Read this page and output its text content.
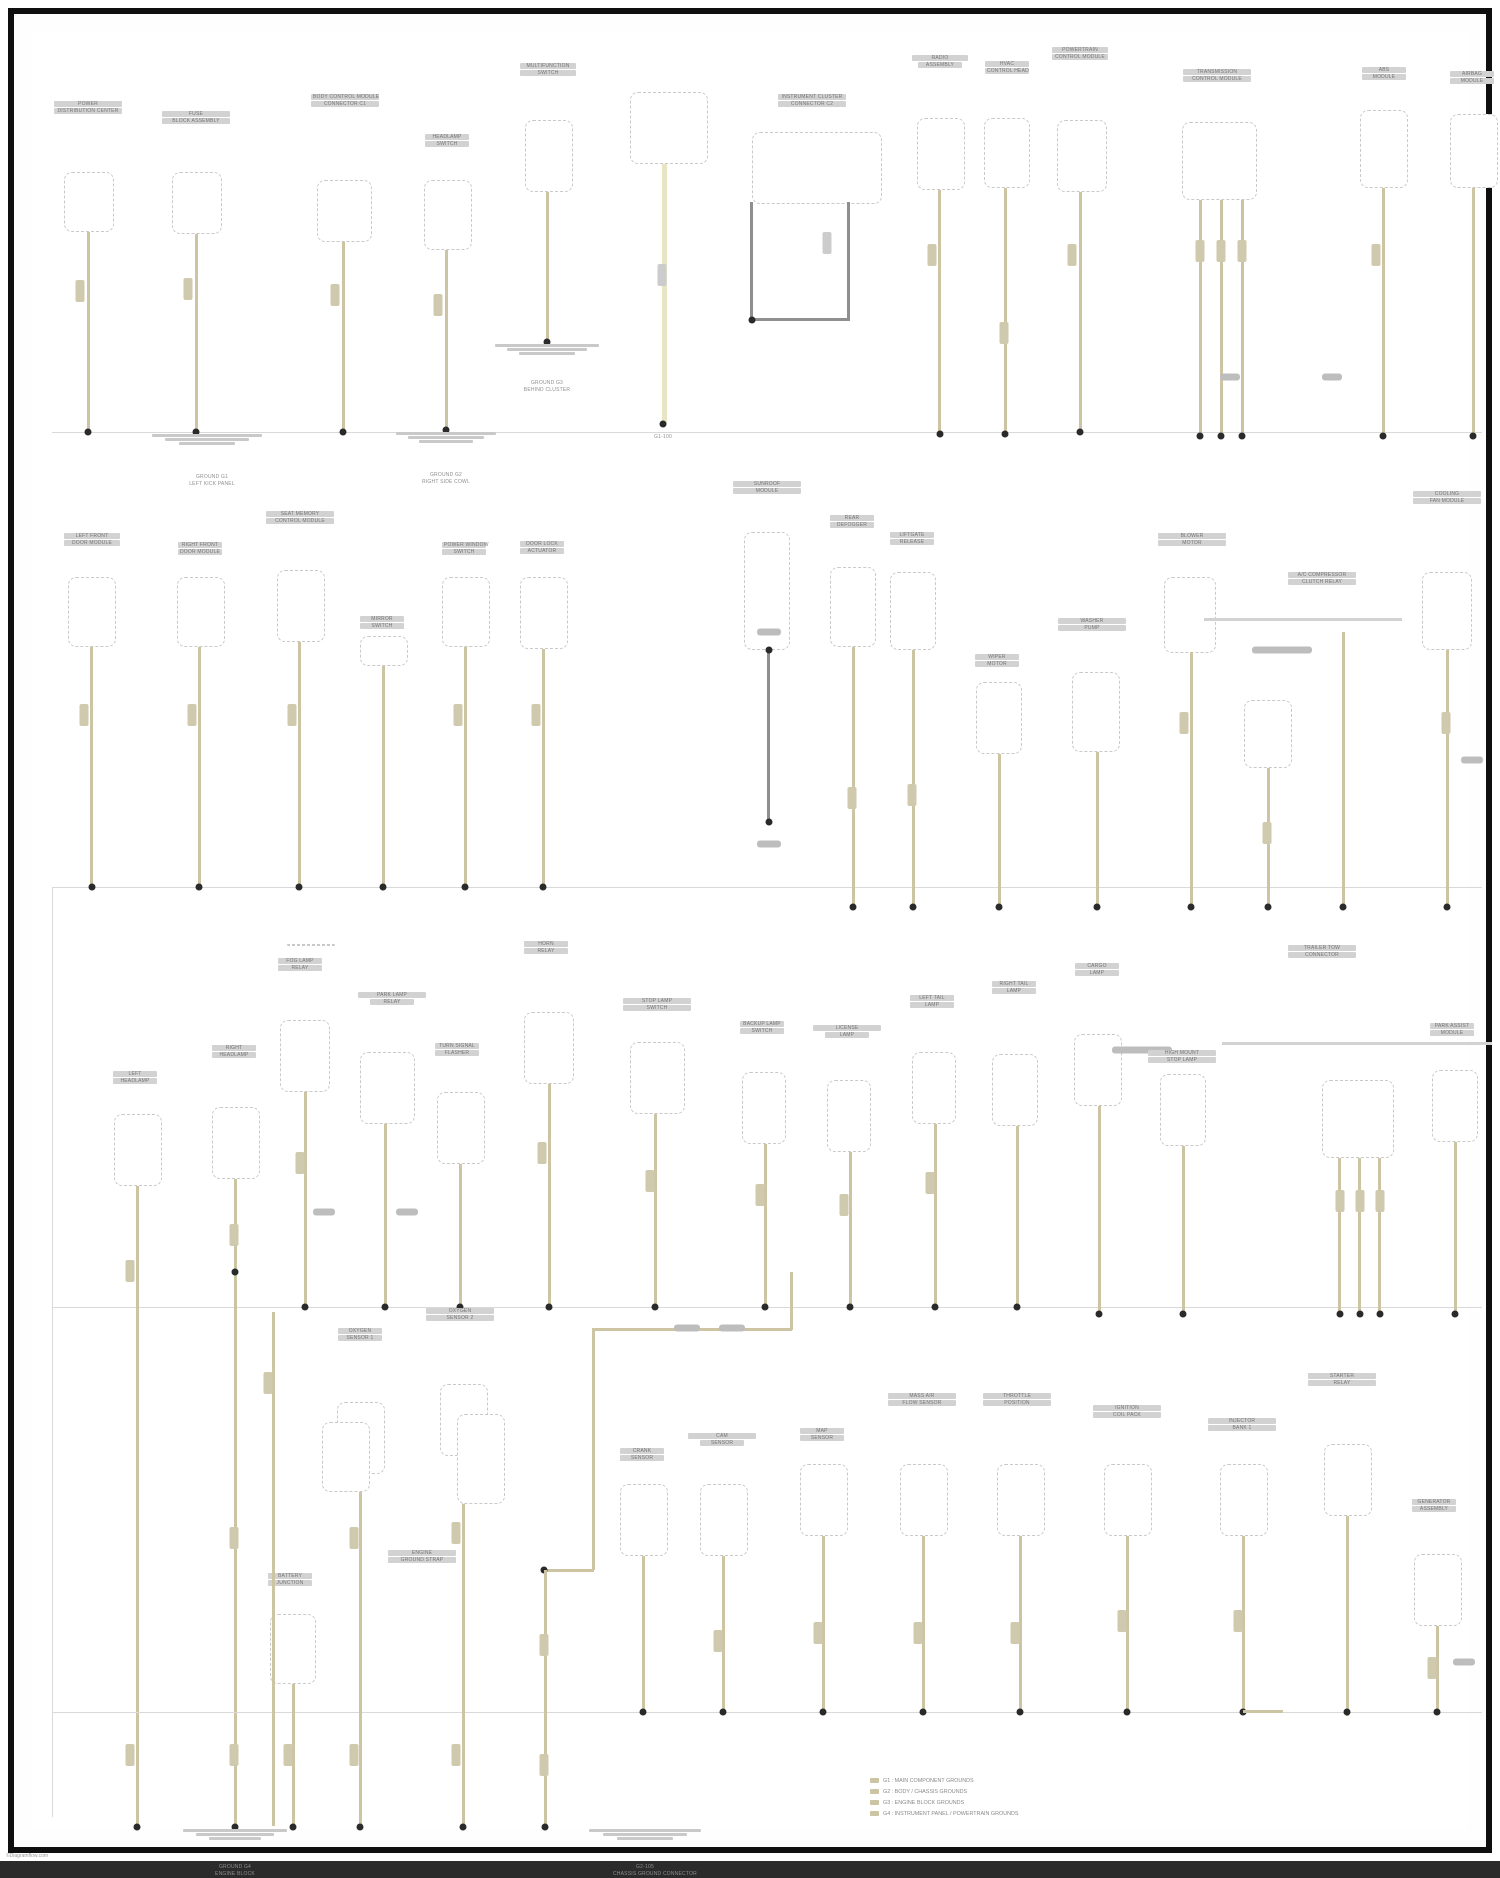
POWER
DISTRIBUTION CENTER	FUSE
BLOCK ASSEMBLY
BODY CONTROL MODULE
CONNECTOR C1
HEADLAMP
SWITCH
GROUND G2
RIGHT SIDE COWL
MULTIFUNCTION
SWITCH
GROUND G3
BEHIND CLUSTER
G1-100
INSTRUMENT CLUSTER
CONNECTOR C2
RADIO
ASSEMBLY	HVAC
CONTROL HEAD
POWERTRAIN
CONTROL MODULE
TRANSMISSION
CONTROL MODULE
ABS
MODULE
AIRBAG
MODULE
GROUND G1
LEFT KICK PANEL
LEFT FRONT
DOOR MODULE	RIGHT FRONT
DOOR MODULE
SEAT MEMORY
CONTROL MODULE
MIRROR
SWITCH
POWER WINDOW
SWITCH
DOOR LOCK
ACTUATOR
SUNROOF
MODULE
REAR
DEFOGGER
LIFTGATE
RELEASE
WIPER
MOTOR
WASHER
PUMP
BLOWER
MOTOR
A/C COMPRESSOR
CLUTCH RELAY
COOLING
FAN MODULE
LEFT
HEADLAMP
RIGHT
HEADLAMP
GROUND G4
ENGINE BLOCK
FOG LAMP
RELAY
PARK LAMP
RELAY
TURN SIGNAL
FLASHER
HORN
RELAY
STOP LAMP
SWITCH
BACKUP LAMP
SWITCH
LICENSE
LAMP
LEFT TAIL
LAMP
RIGHT TAIL
LAMP
CARGO
LAMP
HIGH MOUNT
STOP LAMP
TRAILER TOW
CONNECTOR
PARK ASSIST
MODULE
OXYGEN
SENSOR 1
OXYGEN
SENSOR 2
BATTERY
JUNCTION
ENGINE
GROUND STRAP
G2-105
CHASSIS GROUND CONNECTOR
CRANK
SENSOR
CAM
SENSOR
MAP
SENSOR
MASS AIR
FLOW SENSOR
THROTTLE
POSITION
IGNITION
COIL PACK
INJECTOR
BANK 1
STARTER
RELAY
GENERATOR
ASSEMBLY
G1 : MAIN COMPONENT GROUNDS
G2 : BODY / CHASSIS GROUNDS
G3 : ENGINE BLOCK GROUNDS
G4 : INSTRUMENT PANEL / POWERTRAIN GROUNDS
©Diagramflow.com
